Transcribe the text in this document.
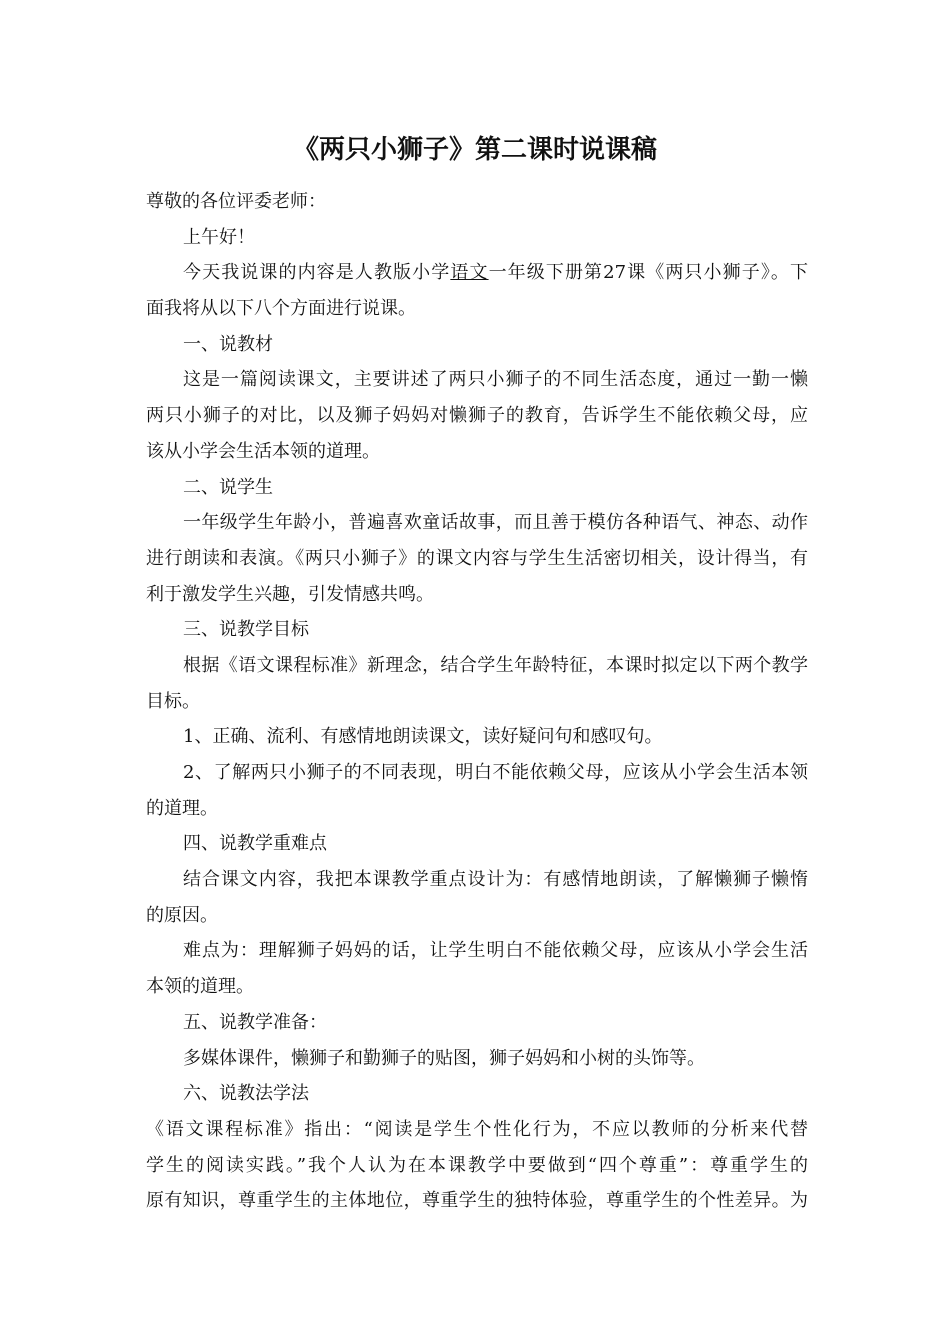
《两只小狮子》第二课时说课稿
尊敬的各位评委老师：
上午好！
今天我说课的内容是人教版小学语文一年级下册第27课《两只小狮子》。下
面我将从以下八个方面进行说课。
一、说教材
这是一篇阅读课文，主要讲述了两只小狮子的不同生活态度，通过一勤一懒
两只小狮子的对比，以及狮子妈妈对懒狮子的教育，告诉学生不能依赖父母，应
该从小学会生活本领的道理。
二、说学生
一年级学生年龄小，普遍喜欢童话故事，而且善于模仿各种语气、神态、动作
进行朗读和表演。《两只小狮子》的课文内容与学生生活密切相关，设计得当，有
利于激发学生兴趣，引发情感共鸣。
三、说教学目标
根据《语文课程标准》新理念，结合学生年龄特征，本课时拟定以下两个教学
目标。
1、正确、流利、有感情地朗读课文，读好疑问句和感叹句。
2、了解两只小狮子的不同表现，明白不能依赖父母，应该从小学会生活本领
的道理。
四、说教学重难点
结合课文内容，我把本课教学重点设计为：有感情地朗读，了解懒狮子懒惰
的原因。
难点为：理解狮子妈妈的话，让学生明白不能依赖父母，应该从小学会生活
本领的道理。
五、说教学准备：
多媒体课件，懒狮子和勤狮子的贴图，狮子妈妈和小树的头饰等。
六、说教法学法
《语文课程标准》指出：“阅读是学生个性化行为，不应以教师的分析来代替
学生的阅读实践。”我个人认为在本课教学中要做到“四个尊重”：尊重学生的
原有知识，尊重学生的主体地位，尊重学生的独特体验，尊重学生的个性差异。为
